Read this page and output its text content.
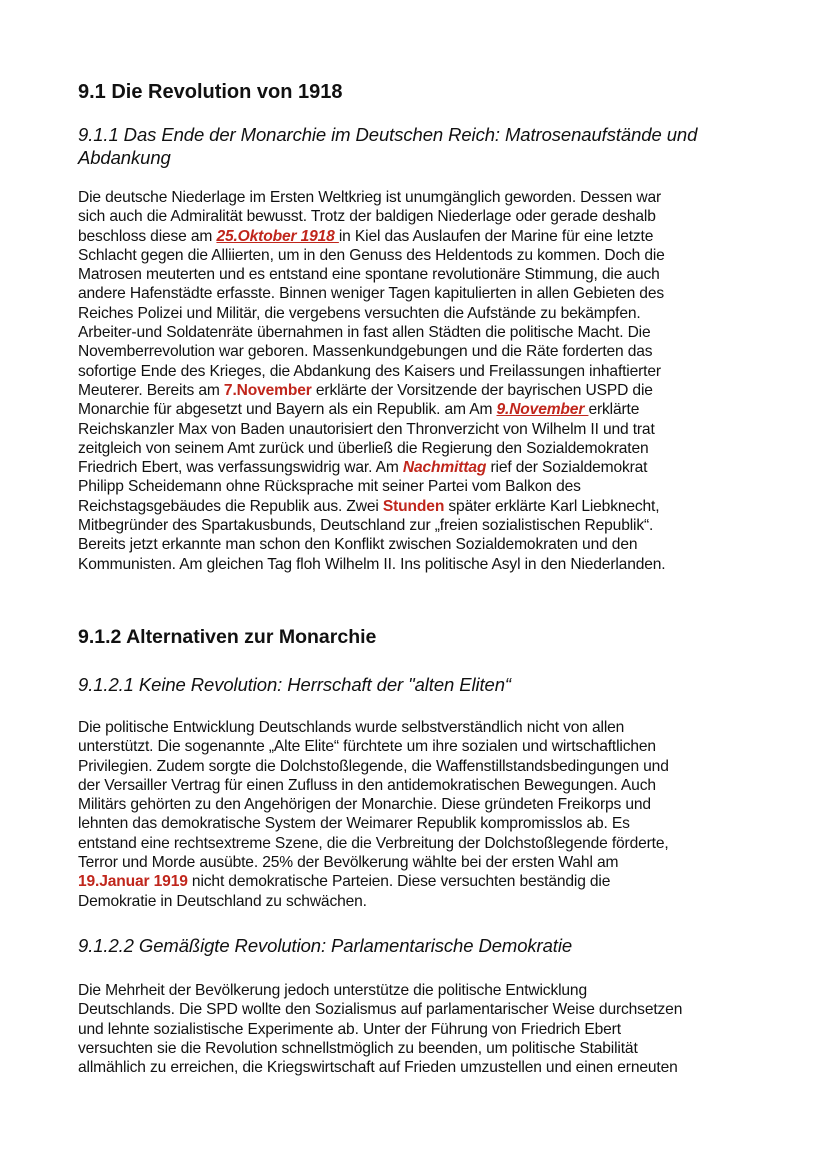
9.1 Die Revolution von 1918
9.1.1 Das Ende der Monarchie im Deutschen Reich: Matrosenaufstände und
Abdankung

Die deutsche Niederlage im Ersten Weltkrieg ist unumgänglich geworden. Dessen war
sich auch die Admiralität bewusst. Trotz der baldigen Niederlage oder gerade deshalb
beschloss diese am 25.Oktober 1918 in Kiel das Auslaufen der Marine für eine letzte
Schlacht gegen die Alliierten, um in den Genuss des Heldentods zu kommen. Doch die
Matrosen meuterten und es entstand eine spontane revolutionäre Stimmung, die auch
andere Hafenstädte erfasste. Binnen weniger Tagen kapitulierten in allen Gebieten des
Reiches Polizei und Militär, die vergebens versuchten die Aufstände zu bekämpfen.
Arbeiter-und Soldatenräte übernahmen in fast allen Städten die politische Macht. Die
Novemberrevolution war geboren. Massenkundgebungen und die Räte forderten das
sofortige Ende des Krieges, die Abdankung des Kaisers und Freilassungen inhaftierter
Meuterer. Bereits am 7.November erklärte der Vorsitzende der bayrischen USPD die
Monarchie für abgesetzt und Bayern als ein Republik. am Am 9.November erklärte
Reichskanzler Max von Baden unautorisiert den Thronverzicht von Wilhelm II und trat
zeitgleich von seinem Amt zurück und überließ die Regierung den Sozialdemokraten
Friedrich Ebert, was verfassungswidrig war. Am Nachmittag rief der Sozialdemokrat
Philipp Scheidemann ohne Rücksprache mit seiner Partei vom Balkon des
Reichstagsgebäudes die Republik aus. Zwei Stunden später erklärte Karl Liebknecht,
Mitbegründer des Spartakusbunds, Deutschland zur „freien sozialistischen Republik“.
Bereits jetzt erkannte man schon den Konflikt zwischen Sozialdemokraten und den
Kommunisten. Am gleichen Tag floh Wilhelm II. Ins politische Asyl in den Niederlanden.

9.1.2 Alternativen zur Monarchie
9.1.2.1 Keine Revolution: Herrschaft der "alten Eliten“

Die politische Entwicklung Deutschlands wurde selbstverständlich nicht von allen
unterstützt. Die sogenannte „Alte Elite“ fürchtete um ihre sozialen und wirtschaftlichen
Privilegien. Zudem sorgte die Dolchstoßlegende, die Waffenstillstandsbedingungen und
der Versailler Vertrag für einen Zufluss in den antidemokratischen Bewegungen. Auch
Militärs gehörten zu den Angehörigen der Monarchie. Diese gründeten Freikorps und
lehnten das demokratische System der Weimarer Republik kompromisslos ab. Es
entstand eine rechtsextreme Szene, die die Verbreitung der Dolchstoßlegende förderte,
Terror und Morde ausübte. 25% der Bevölkerung wählte bei der ersten Wahl am
19.Januar 1919 nicht demokratische Parteien. Diese versuchten beständig die
Demokratie in Deutschland zu schwächen.

9.1.2.2 Gemäßigte Revolution: Parlamentarische Demokratie

Die Mehrheit der Bevölkerung jedoch unterstütze die politische Entwicklung
Deutschlands. Die SPD wollte den Sozialismus auf parlamentarischer Weise durchsetzen
und lehnte sozialistische Experimente ab. Unter der Führung von Friedrich Ebert
versuchten sie die Revolution schnellstmöglich zu beenden, um politische Stabilität
allmählich zu erreichen, die Kriegswirtschaft auf Frieden umzustellen und einen erneuten
